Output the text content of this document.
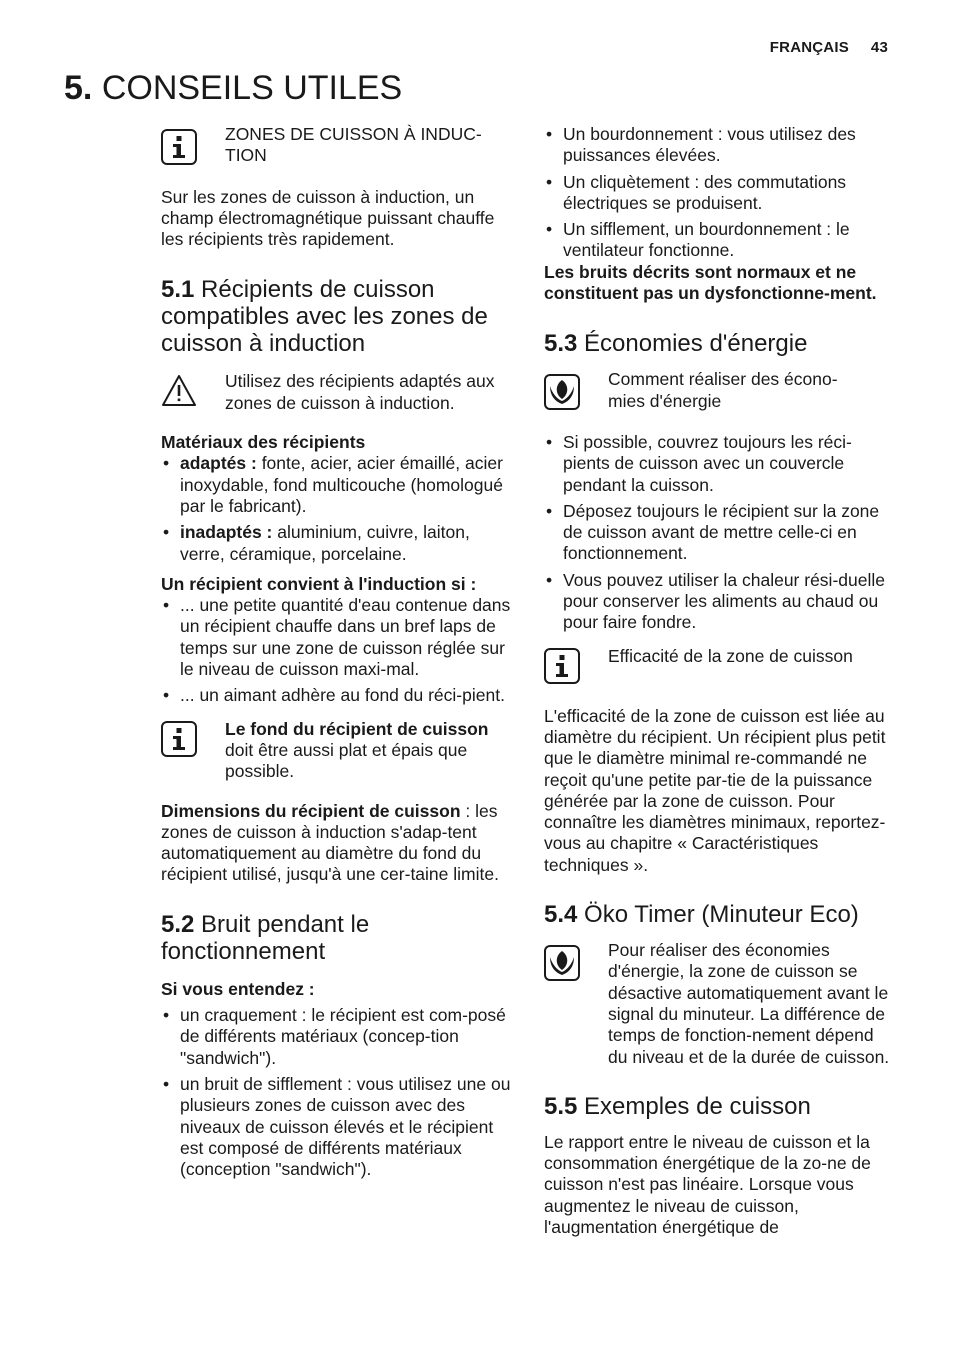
FRANÇAIS 43
5. CONSEILS UTILES

ZONES DE CUISSON À INDUC-TION

Sur les zones de cuisson à induction, un champ électromagnétique puissant chauffe les récipients très rapidement.

5.1 Récipients de cuisson compatibles avec les zones de cuisson à induction

Utilisez des récipients adaptés aux zones de cuisson à induction.

Matériaux des récipients

• adaptés : fonte, acier, acier émaillé, acier inoxydable, fond multicouche (homologué par le fabricant).
• inadaptés : aluminium, cuivre, laiton, verre, céramique, porcelaine.

Un récipient convient à l'induction si :

• ... une petite quantité d'eau contenue dans un récipient chauffe dans un bref laps de temps sur une zone de cuisson réglée sur le niveau de cuisson maxi-mal.
• ... un aimant adhère au fond du réci-pient.

Le fond du récipient de cuisson doit être aussi plat et épais que possible.

Dimensions du récipient de cuisson : les zones de cuisson à induction s'adap-tent automatiquement au diamètre du fond du récipient utilisé, jusqu'à une cer-taine limite.

5.2 Bruit pendant le fonctionnement

Si vous entendez :

• un craquement : le récipient est com-posé de différents matériaux (concep-tion "sandwich").
• un bruit de sifflement : vous utilisez une ou plusieurs zones de cuisson avec des niveaux de cuisson élevés et le récipient est composé de différents matériaux (conception "sandwich").
• Un bourdonnement : vous utilisez des puissances élevées.
• Un cliquètement : des commutations électriques se produisent.
• Un sifflement, un bourdonnement : le ventilateur fonctionne.

Les bruits décrits sont normaux et ne constituent pas un dysfonctionne-ment.

5.3 Économies d'énergie

Comment réaliser des écono-mies d'énergie

• Si possible, couvrez toujours les réci-pients de cuisson avec un couvercle pendant la cuisson.
• Déposez toujours le récipient sur la zone de cuisson avant de mettre celle-ci en fonctionnement.
• Vous pouvez utiliser la chaleur rési-duelle pour conserver les aliments au chaud ou pour faire fondre.

Efficacité de la zone de cuisson

L'efficacité de la zone de cuisson est liée au diamètre du récipient. Un récipient plus petit que le diamètre minimal re-commandé ne reçoit qu'une petite par-tie de la puissance générée par la zone de cuisson. Pour connaître les diamètres minimaux, reportez-vous au chapitre « Caractéristiques techniques ».

5.4 Öko Timer (Minuteur Eco)

Pour réaliser des économies d'énergie, la zone de cuisson se désactive automatiquement avant le signal du minuteur. La différence de temps de fonction-nement dépend du niveau et de la durée de cuisson.

5.5 Exemples de cuisson

Le rapport entre le niveau de cuisson et la consommation énergétique de la zo-ne de cuisson n'est pas linéaire. Lorsque vous augmentez le niveau de cuisson, l'augmentation énergétique de
